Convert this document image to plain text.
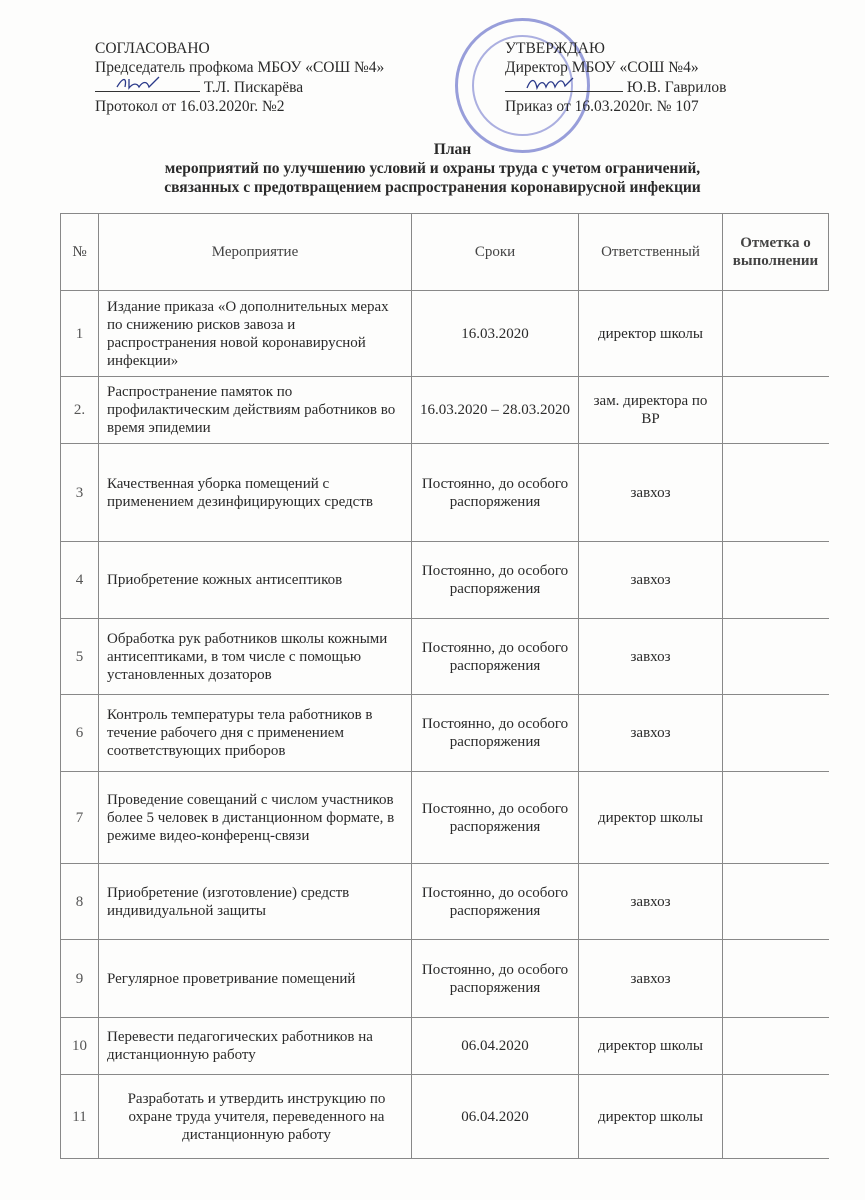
СОГЛАСОВАНО
Председатель профкома МБОУ «СОШ №4»
Т.Л. Пискарёва
Протокол от 16.03.2020г. №2
УТВЕРЖДАЮ
Директор МБОУ «СОШ №4»
Ю.В. Гаврилов
Приказ от 16.03.2020г. № 107
План
мероприятий по улучшению условий и охраны труда с учетом ограничений,
связанных с предотвращением распространения коронавирусной инфекции
№	Мероприятие	Сроки	Ответственный	Отметка о выполнении
1	Издание приказа «О дополнительных мерах по снижению рисков завоза и распространения новой коронавирусной инфекции»	16.03.2020	директор школы	
2.	Распространение памяток по профилактическим действиям работников во время эпидемии	16.03.2020 – 28.03.2020	зам. директора по ВР	
3	Качественная уборка помещений с применением дезинфицирующих средств	Постоянно, до особого распоряжения	завхоз	
4	Приобретение кожных антисептиков	Постоянно, до особого распоряжения	завхоз	
5	Обработка рук работников школы кожными антисептиками, в том числе с помощью установленных дозаторов	Постоянно, до особого распоряжения	завхоз	
6	Контроль температуры тела работников в течение рабочего дня с применением соответствующих приборов	Постоянно, до особого распоряжения	завхоз	
7	Проведение совещаний с числом участников более 5 человек в дистанционном формате, в режиме видео-конференц-связи	Постоянно, до особого распоряжения	директор школы	
8	Приобретение (изготовление) средств индивидуальной защиты	Постоянно, до особого распоряжения	завхоз	
9	Регулярное проветривание помещений	Постоянно, до особого распоряжения	завхоз	
10	Перевести педагогических работников на дистанционную работу	06.04.2020	директор школы	
11	Разработать и утвердить инструкцию по охране труда учителя, переведенного на дистанционную работу	06.04.2020	директор школы	
